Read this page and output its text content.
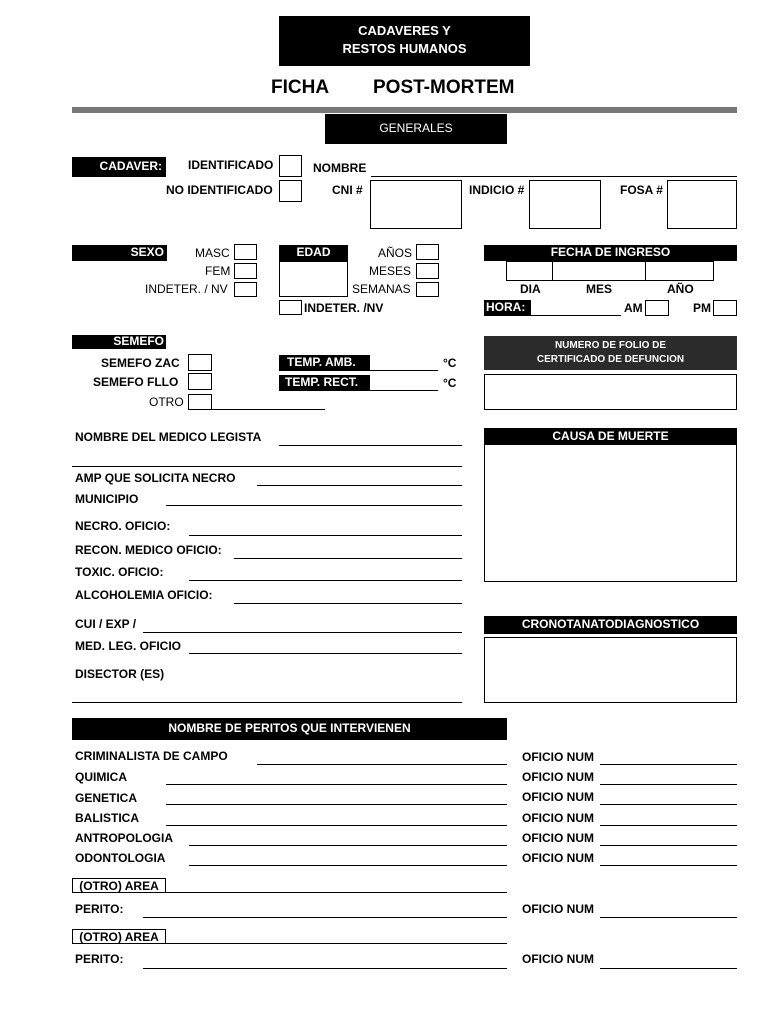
CADAVERES Y
RESTOS HUMANOS
FICHA POST-MORTEM
GENERALES
CADAVER:	IDENTIFICADO	NOMBRE
NO IDENTIFICADO	CNI #	INDICIO #	FOSA #
SEXO	MASC
FEM
INDETER. / NV
EDAD	AÑOS
MESES
SEMANAS
INDETER. /NV
FECHA DE INGRESO
DIA	MES	AÑO
HORA:	AM	PM
SEMEFO
SEMEFO ZAC
SEMEFO FLLO
OTRO
TEMP. AMB.	°C
TEMP. RECT.	°C
NUMERO DE FOLIO DE
CERTIFICADO DE DEFUNCION
NOMBRE DEL MEDICO LEGISTA
AMP QUE SOLICITA NECRO
MUNICIPIO
NECRO. OFICIO:
RECON. MEDICO OFICIO:
TOXIC. OFICIO:
ALCOHOLEMIA OFICIO:
CUI / EXP /
MED. LEG. OFICIO
DISECTOR (ES)
CAUSA DE MUERTE
CRONOTANATODIAGNOSTICO
NOMBRE DE PERITOS QUE INTERVIENEN
CRIMINALISTA DE CAMPO	OFICIO NUM
QUIMICA	OFICIO NUM
GENETICA	OFICIO NUM
BALISTICA	OFICIO NUM
ANTROPOLOGIA	OFICIO NUM
ODONTOLOGIA	OFICIO NUM
(OTRO) AREA
PERITO:	OFICIO NUM
(OTRO) AREA
PERITO:	OFICIO NUM
